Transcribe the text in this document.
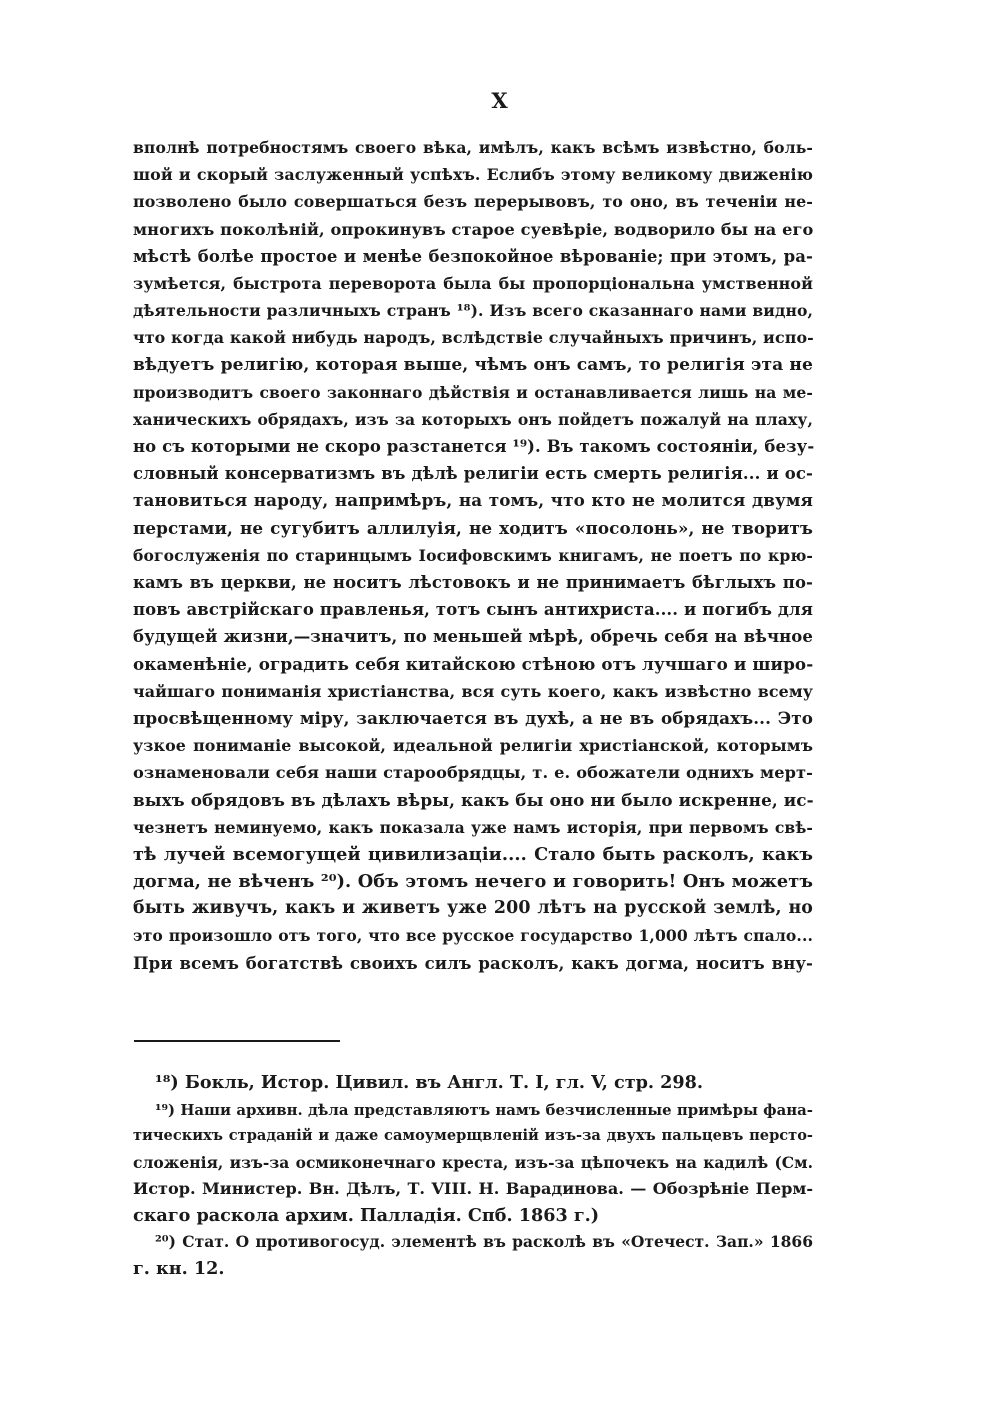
X
вполнѣ потребностямъ своего вѣка, имѣлъ, какъ всѣмъ извѣстно, боль-
шой и скорый заслуженный успѣхъ. Еслибъ этому великому движенію
позволено было совершаться безъ перерывовъ, то оно, въ теченіи не-
многихъ поколѣній, опрокинувъ старое суевѣріе, водворило бы на его
мѣстѣ болѣе простое и менѣе безпокойное вѣрованіе; при этомъ, ра-
зумѣется, быстрота переворота была бы пропорціональна умственной
дѣятельности различныхъ странъ ¹⁸). Изъ всего сказаннаго нами видно,
что когда какой нибудь народъ, вслѣдствіе случайныхъ причинъ, испо-
вѣдуетъ религію, которая выше, чѣмъ онъ самъ, то религія эта не
производитъ своего законнаго дѣйствія и останавливается лишь на ме-
ханическихъ обрядахъ, изъ за которыхъ онъ пойдетъ пожалуй на плаху,
но съ которыми не скоро разстанется ¹⁹). Въ такомъ состояніи, безу-
словный консерватизмъ въ дѣлѣ религіи есть смерть религія... и ос-
тановиться народу, напримѣръ, на томъ, что кто не молится двумя
перстами, не сугубитъ аллилуія, не ходитъ «посолонь», не творитъ
богослуженія по старинцымъ Іосифовскимъ книгамъ, не поетъ по крю-
камъ въ церкви, не носитъ лѣстовокъ и не принимаетъ бѣглыхъ по-
повъ австрійскаго правленья, тотъ сынъ антихриста.... и погибъ для
будущей жизни,—значитъ, по меньшей мѣрѣ, обречь себя на вѣчное
окаменѣніе, оградить себя китайскою стѣною отъ лучшаго и широ-
чайшаго пониманія христіанства, вся суть коего, какъ извѣстно всему
просвѣщенному міру, заключается въ духѣ, а не въ обрядахъ... Это
узкое пониманіе высокой, идеальной религіи христіанской, которымъ
ознаменовали себя наши старообрядцы, т. е. обожатели однихъ мерт-
выхъ обрядовъ въ дѣлахъ вѣры, какъ бы оно ни было искренне, ис-
чезнетъ неминуемо, какъ показала уже намъ исторія, при первомъ свѣ-
тѣ лучей всемогущей цивилизаціи.... Стало быть расколъ, какъ
догма, не вѣченъ ²⁰). Объ этомъ нечего и говорить! Онъ можетъ
быть живучъ, какъ и живетъ уже 200 лѣтъ на русской землѣ, но
это произошло отъ того, что все русское государство 1,000 лѣтъ спало...
При всемъ богатствѣ своихъ силъ расколъ, какъ догма, носитъ вну-
¹⁸) Бокль, Истор. Цивил. въ Англ. Т. I, гл. V, стр. 298.
¹⁹) Наши архивн. дѣла представляютъ намъ безчисленные примѣры фана-
тическихъ страданій и даже самоумерщвленій изъ-за двухъ пальцевъ персто-
сложенія, изъ-за осмиконечнаго креста, изъ-за цѣпочекъ на кадилѣ (См.
Истор. Министер. Вн. Дѣлъ, Т. VIII. Н. Варадинова. — Обозрѣніе Перм-
скаго раскола архим. Палладія. Спб. 1863 г.)
²⁰) Стат. О противогосуд. элементѣ въ расколѣ въ «Отечест. Зап.» 1866
г. кн. 12.
